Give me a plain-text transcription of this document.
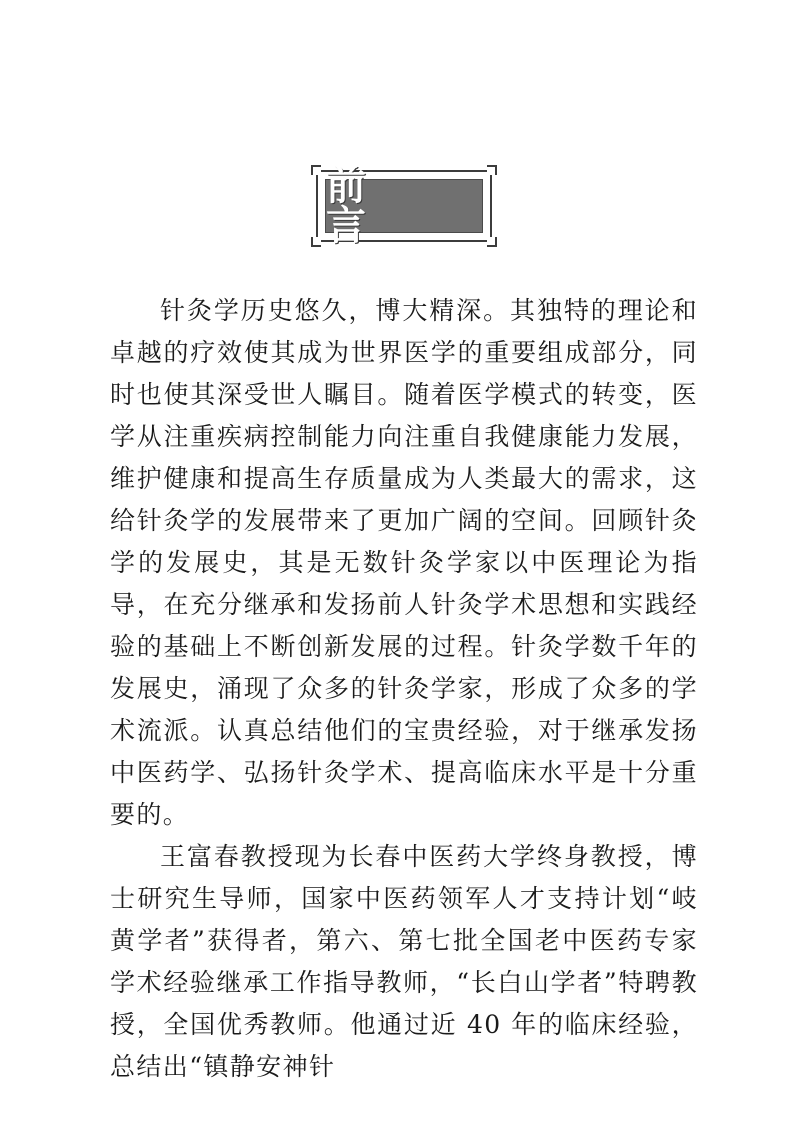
前 言

针灸学历史悠久，博大精深。其独特的理论和卓越的疗效使其成为世界医学的重要组成部分，同时也使其深受世人瞩目。随着医学模式的转变，医学从注重疾病控制能力向注重自我健康能力发展，维护健康和提高生存质量成为人类最大的需求，这给针灸学的发展带来了更加广阔的空间。回顾针灸学的发展史，其是无数针灸学家以中医理论为指导，在充分继承和发扬前人针灸学术思想和实践经验的基础上不断创新发展的过程。针灸学数千年的发展史，涌现了众多的针灸学家，形成了众多的学术流派。认真总结他们的宝贵经验，对于继承发扬中医药学、弘扬针灸学术、提高临床水平是十分重要的。

王富春教授现为长春中医药大学终身教授，博士研究生导师，国家中医药领军人才支持计划“岐黄学者”获得者，第六、第七批全国老中医药专家学术经验继承工作指导教师，“长白山学者”特聘教授，全国优秀教师。他通过近 40 年的临床经验，总结出“镇静安神针
